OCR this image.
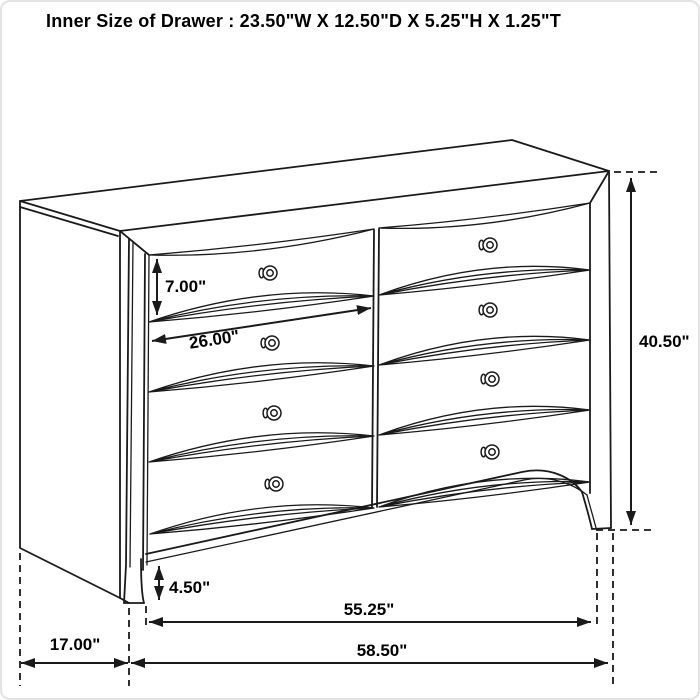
Inner Size of Drawer : 23.50"W X 12.50"D X 5.25"H X 1.25"T
7.00"
26.00"	40.50"
4.50"
55.25"
17.00"	58.50"
